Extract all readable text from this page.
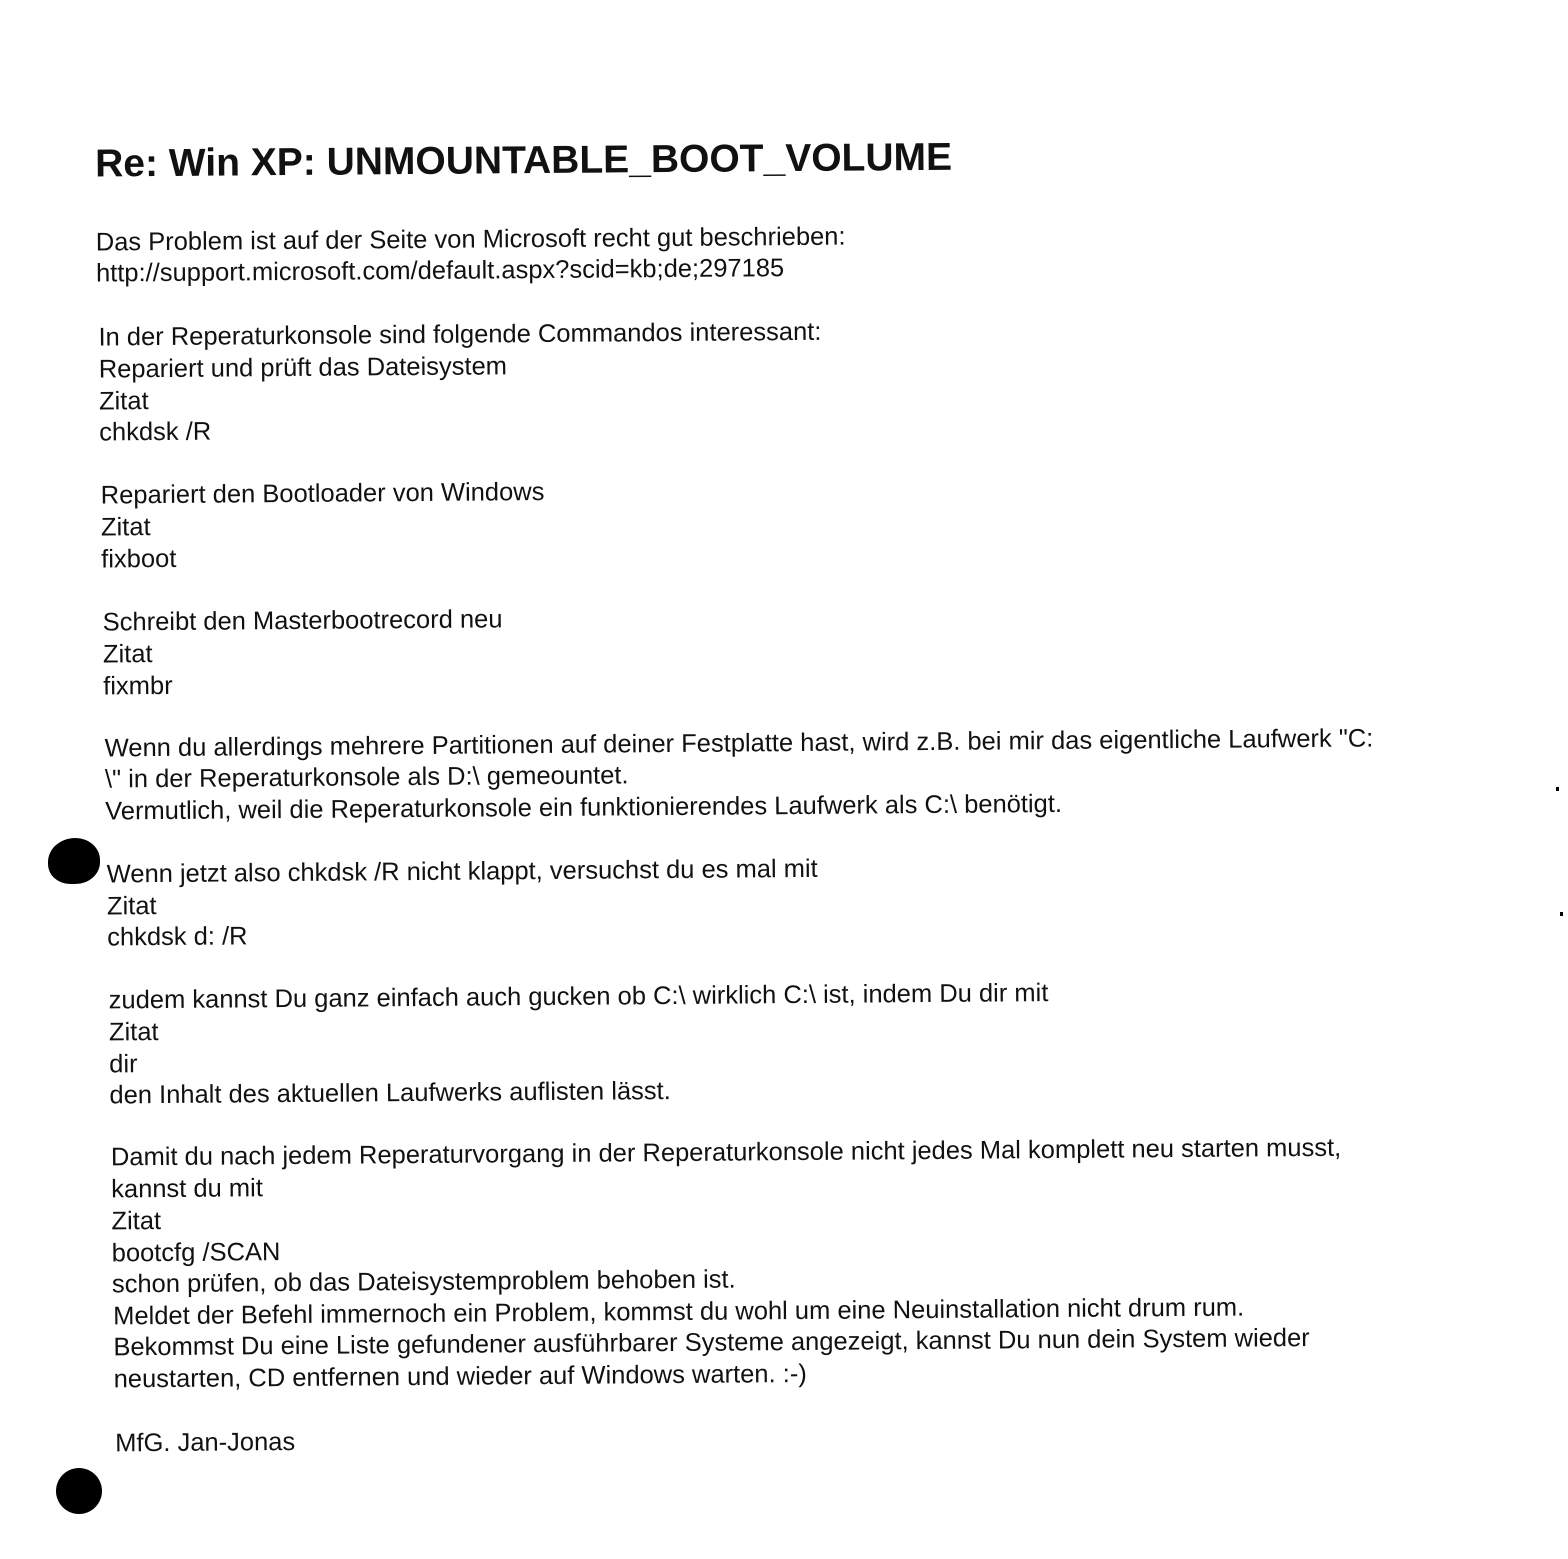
Re: Win XP: UNMOUNTABLE_BOOT_VOLUME
Das Problem ist auf der Seite von Microsoft recht gut beschrieben:
http://support.microsoft.com/default.aspx?scid=kb;de;297185
In der Reperaturkonsole sind folgende Commandos interessant:
Repariert und prüft das Dateisystem
Zitat
chkdsk /R
Repariert den Bootloader von Windows
Zitat
fixboot
Schreibt den Masterbootrecord neu
Zitat
fixmbr
Wenn du allerdings mehrere Partitionen auf deiner Festplatte hast, wird z.B. bei mir das eigentliche Laufwerk "C:
\" in der Reperaturkonsole als D:\ gemeountet.
Vermutlich, weil die Reperaturkonsole ein funktionierendes Laufwerk als C:\ benötigt.
Wenn jetzt also chkdsk /R nicht klappt, versuchst du es mal mit
Zitat
chkdsk d: /R
zudem kannst Du ganz einfach auch gucken ob C:\ wirklich C:\ ist, indem Du dir mit
Zitat
dir
den Inhalt des aktuellen Laufwerks auflisten lässt.
Damit du nach jedem Reperaturvorgang in der Reperaturkonsole nicht jedes Mal komplett neu starten musst,
kannst du mit
Zitat
bootcfg /SCAN
schon prüfen, ob das Dateisystemproblem behoben ist.
Meldet der Befehl immernoch ein Problem, kommst du wohl um eine Neuinstallation nicht drum rum.
Bekommst Du eine Liste gefundener ausführbarer Systeme angezeigt, kannst Du nun dein System wieder
neustarten, CD entfernen und wieder auf Windows warten. :-)
MfG. Jan-Jonas
